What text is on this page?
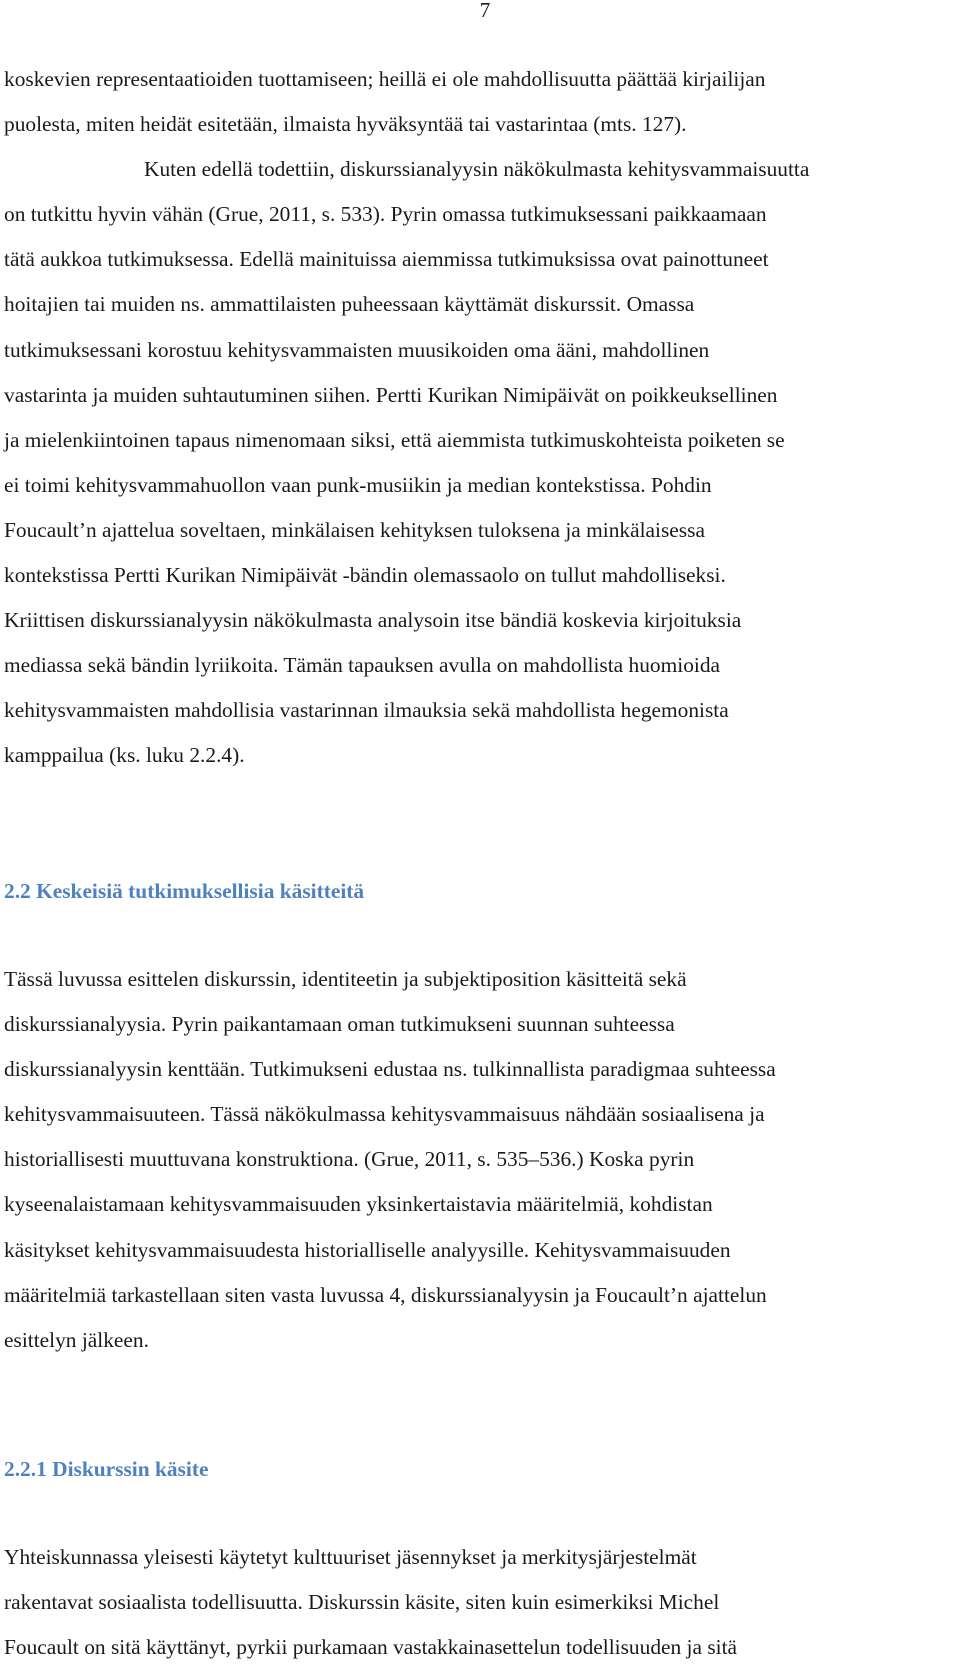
7
koskevien representaatioiden tuottamiseen; heillä ei ole mahdollisuutta päättää kirjailijan
puolesta, miten heidät esitetään, ilmaista hyväksyntää tai vastarintaa (mts. 127).
Kuten edellä todettiin, diskurssianalyysin näkökulmasta kehitysvammaisuutta
on tutkittu hyvin vähän (Grue, 2011, s. 533). Pyrin omassa tutkimuksessani paikkaamaan
tätä aukkoa tutkimuksessa. Edellä mainituissa aiemmissa tutkimuksissa ovat painottuneet
hoitajien tai muiden ns. ammattilaisten puheessaan käyttämät diskurssit. Omassa
tutkimuksessani korostuu kehitysvammaisten muusikoiden oma ääni, mahdollinen
vastarinta ja muiden suhtautuminen siihen. Pertti Kurikan Nimipäivät on poikkeuksellinen
ja mielenkiintoinen tapaus nimenomaan siksi, että aiemmista tutkimuskohteista poiketen se
ei toimi kehitysvammahuollon vaan punk-musiikin ja median kontekstissa. Pohdin
Foucault’n ajattelua soveltaen, minkälaisen kehityksen tuloksena ja minkälaisessa
kontekstissa Pertti Kurikan Nimipäivät -bändin olemassaolo on tullut mahdolliseksi.
Kriittisen diskurssianalyysin näkökulmasta analysoin itse bändiä koskevia kirjoituksia
mediassa sekä bändin lyriikoita. Tämän tapauksen avulla on mahdollista huomioida
kehitysvammaisten mahdollisia vastarinnan ilmauksia sekä mahdollista hegemonista
kamppailua (ks. luku 2.2.4).
2.2 Keskeisiä tutkimuksellisia käsitteitä
Tässä luvussa esittelen diskurssin, identiteetin ja subjektiposition käsitteitä sekä
diskurssianalyysia. Pyrin paikantamaan oman tutkimukseni suunnan suhteessa
diskurssianalyysin kenttään. Tutkimukseni edustaa ns. tulkinnallista paradigmaa suhteessa
kehitysvammaisuuteen. Tässä näkökulmassa kehitysvammaisuus nähdään sosiaalisena ja
historiallisesti muuttuvana konstruktiona. (Grue, 2011, s. 535–536.) Koska pyrin
kyseenalaistamaan kehitysvammaisuuden yksinkertaistavia määritelmiä, kohdistan
käsitykset kehitysvammaisuudesta historialliselle analyysille. Kehitysvammaisuuden
määritelmiä tarkastellaan siten vasta luvussa 4, diskurssianalyysin ja Foucault’n ajattelun
esittelyn jälkeen.
2.2.1 Diskurssin käsite
Yhteiskunnassa yleisesti käytetyt kulttuuriset jäsennykset ja merkitysjärjestelmät
rakentavat sosiaalista todellisuutta. Diskurssin käsite, siten kuin esimerkiksi Michel
Foucault on sitä käyttänyt, pyrkii purkamaan vastakkainasettelun todellisuuden ja sitä
